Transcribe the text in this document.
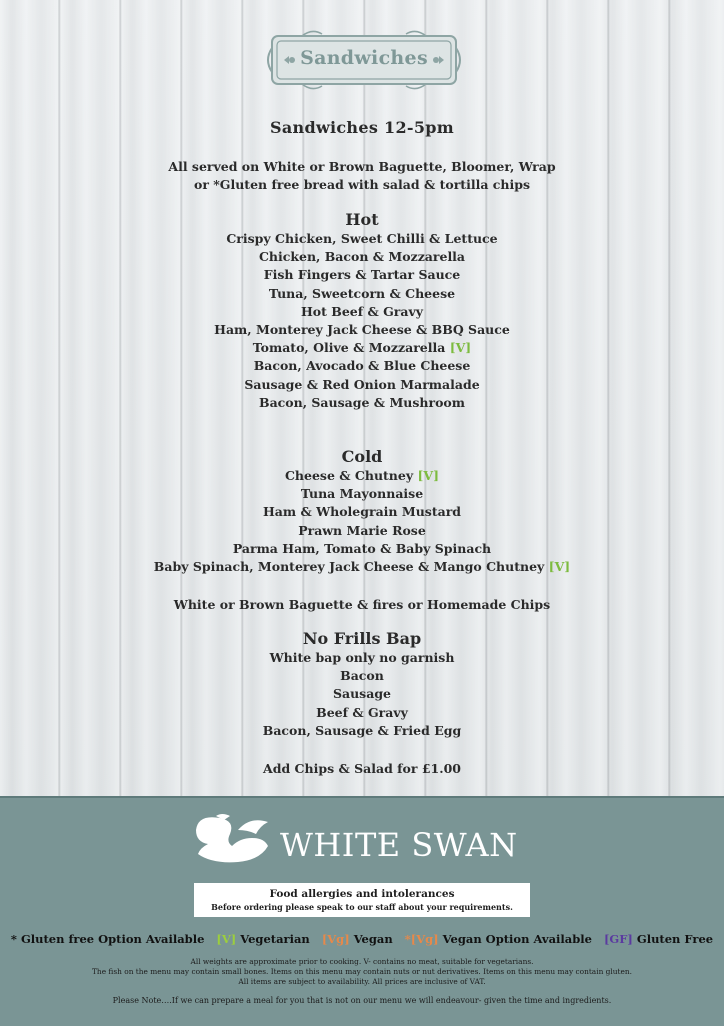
Sandwiches
Sandwiches 12-5pm
All served on White or Brown Baguette, Bloomer, Wrap
or *Gluten free bread with salad & tortilla chips
Hot
Crispy Chicken, Sweet Chilli & Lettuce
Chicken, Bacon & Mozzarella
Fish Fingers & Tartar Sauce
Tuna, Sweetcorn & Cheese
Hot Beef & Gravy
Ham, Monterey Jack Cheese & BBQ Sauce
Tomato, Olive & Mozzarella [V]
Bacon, Avocado & Blue Cheese
Sausage & Red Onion Marmalade
Bacon, Sausage & Mushroom
Cold
Cheese & Chutney [V]
Tuna Mayonnaise
Ham & Wholegrain Mustard
Prawn Marie Rose
Parma Ham, Tomato & Baby Spinach
Baby Spinach, Monterey Jack Cheese & Mango Chutney [V]
White or Brown Baguette & fires or Homemade Chips
No Frills Bap
White bap only no garnish
Bacon
Sausage
Beef & Gravy
Bacon, Sausage & Fried Egg
Add Chips & Salad for £1.00
WHITE SWAN
Food allergies and intolerances
Before ordering please speak to our staff about your requirements.
* Gluten free Option Available [V] Vegetarian [Vg] Vegan *[Vg] Vegan Option Available [GF] Gluten Free
All weights are approximate prior to cooking. V- contains no meat, suitable for vegetarians.
The fish on the menu may contain small bones. Items on this menu may contain nuts or nut derivatives. Items on this menu may contain gluten.
All items are subject to availability. All prices are inclusive of VAT.
Please Note….If we can prepare a meal for you that is not on our menu we will endeavour- given the time and ingredients.
